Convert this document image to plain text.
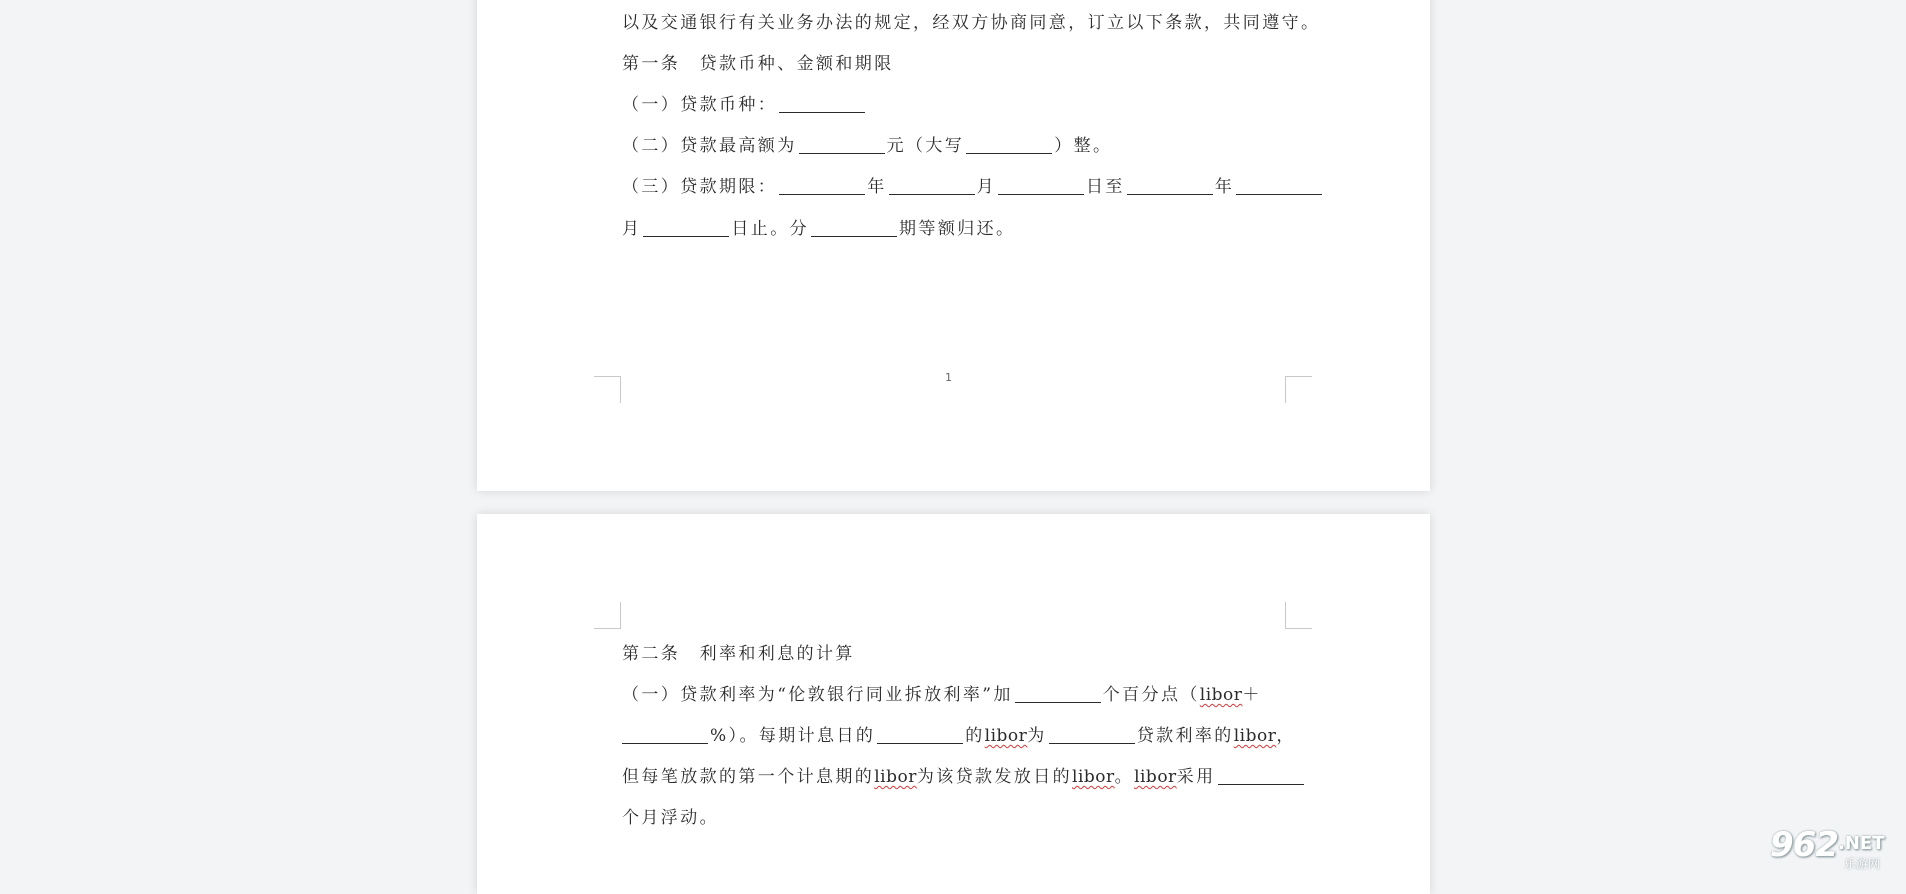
以及交通银行有关业务办法的规定，经双方协商同意，订立以下条款，共同遵守。
第一条　贷款币种、金额和期限
（一）贷款币种：
（二）贷款最高额为	元（大写	）整。
（三）贷款期限：	年	月	日至	年
月	日止。分	期等额归还。
1
第二条　利率和利息的计算
（一）贷款利率为“伦敦银行同业拆放利率”加	个百分点（libor＋
%）。每期计息日的	的libor为	贷款利率的libor，
但每笔放款的第一个计息期的libor为该贷款发放日的libor。libor采用
个月浮动。
962 .NET
乐游网
